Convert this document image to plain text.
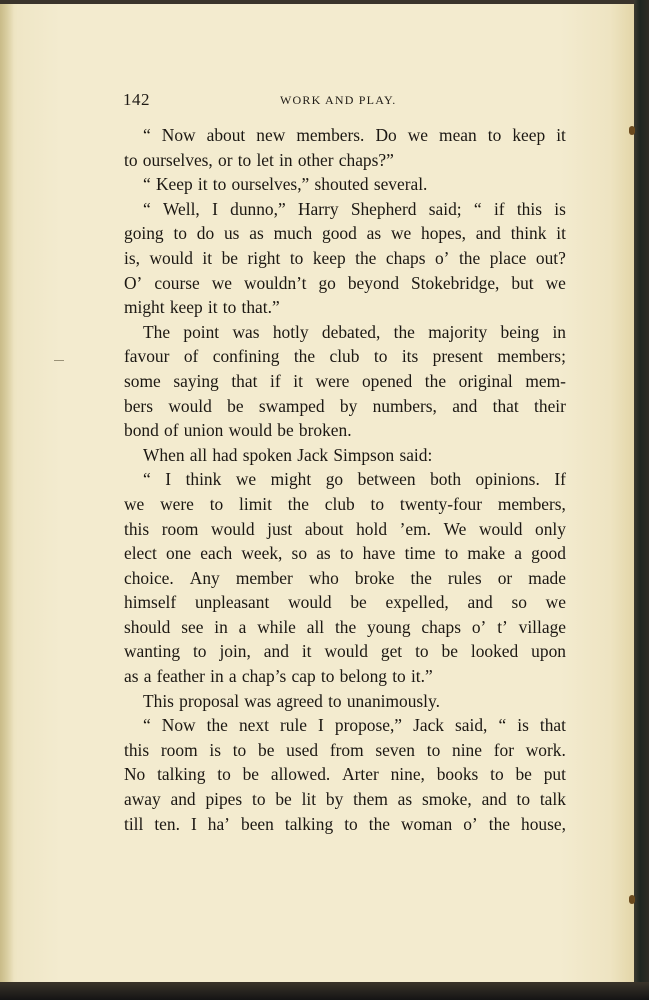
142	WORK AND PLAY.
“ Now about new members. Do we mean to keep it
to ourselves, or to let in other chaps?”
“ Keep it to ourselves,” shouted several.
“ Well, I dunno,” Harry Shepherd said; “ if this is
going to do us as much good as we hopes, and think it
is, would it be right to keep the chaps o’ the place out?
O’ course we wouldn’t go beyond Stokebridge, but we
might keep it to that.”
The point was hotly debated, the majority being in
favour of confining the club to its present members;
some saying that if it were opened the original mem-
bers would be swamped by numbers, and that their
bond of union would be broken.
When all had spoken Jack Simpson said:
“ I think we might go between both opinions. If
we were to limit the club to twenty-four members,
this room would just about hold ’em. We would only
elect one each week, so as to have time to make a good
choice. Any member who broke the rules or made
himself unpleasant would be expelled, and so we
should see in a while all the young chaps o’ t’ village
wanting to join, and it would get to be looked upon
as a feather in a chap’s cap to belong to it.”
This proposal was agreed to unanimously.
“ Now the next rule I propose,” Jack said, “ is that
this room is to be used from seven to nine for work.
No talking to be allowed. Arter nine, books to be put
away and pipes to be lit by them as smoke, and to talk
till ten. I ha’ been talking to the woman o’ the house,
